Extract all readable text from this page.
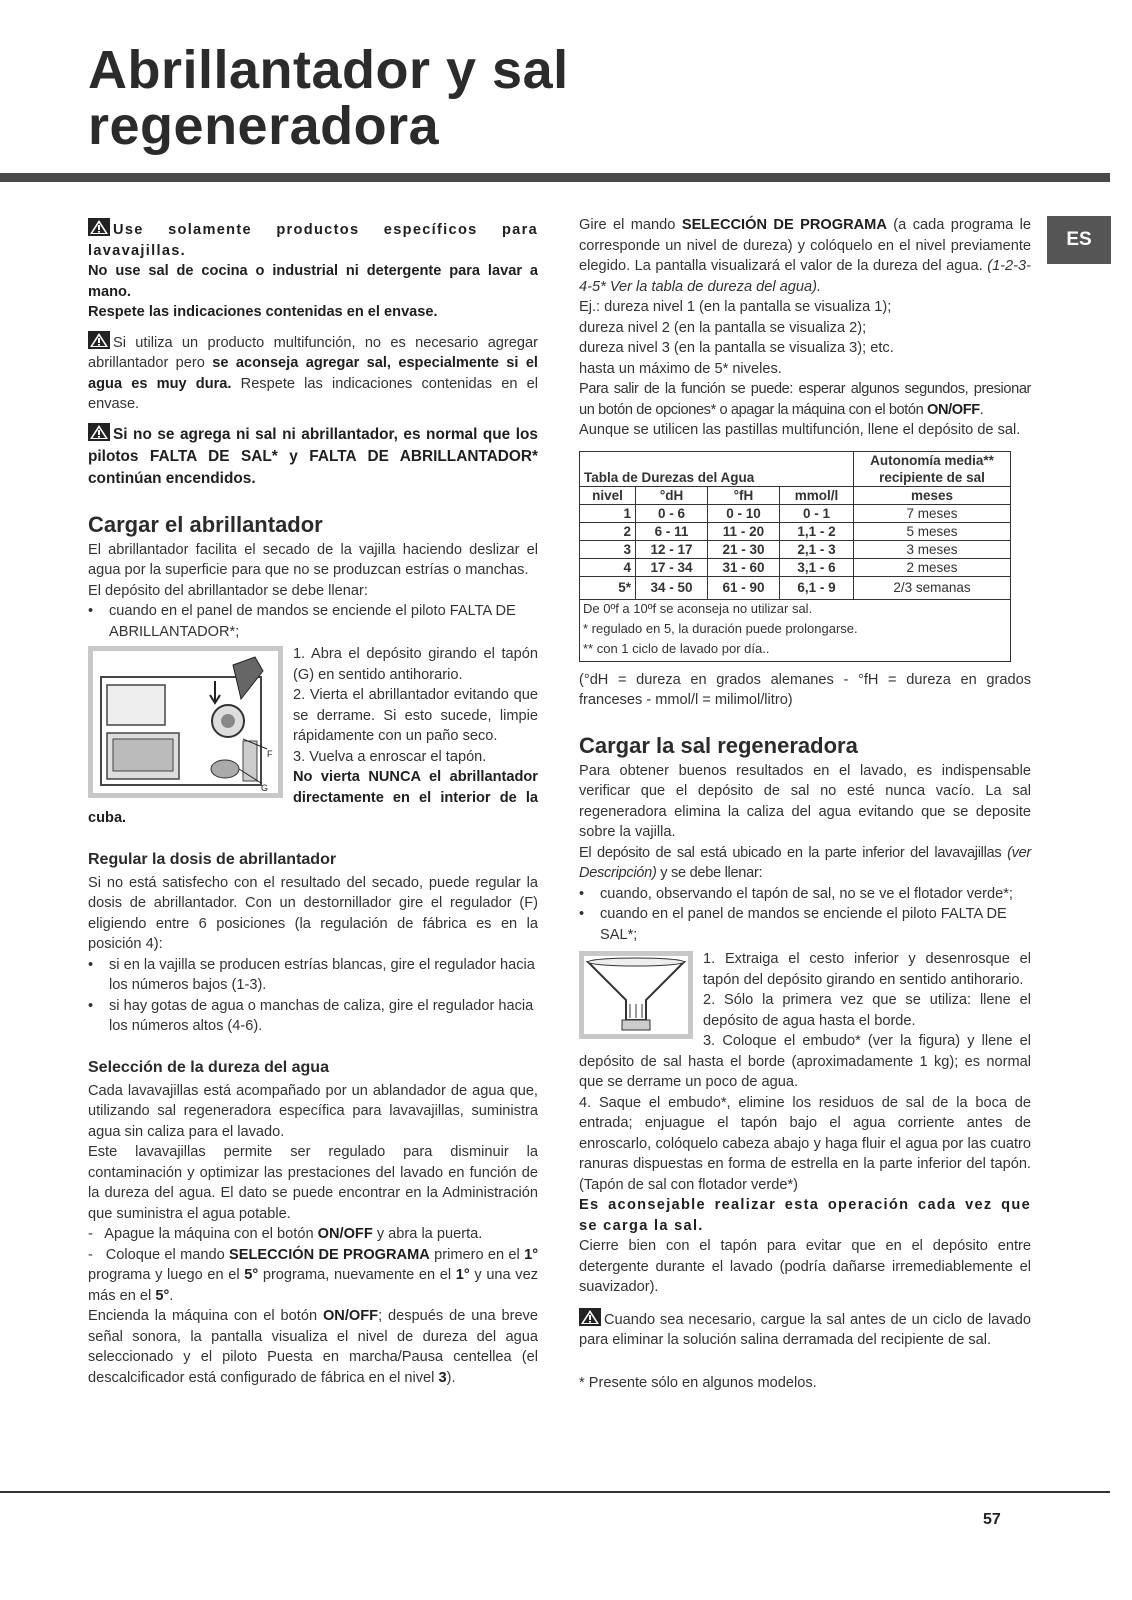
Abrillantador y sal
regeneradora
ES

Use solamente productos específicos para lavavajillas.
No use sal de cocina o industrial ni detergente para lavar a mano.
Respete las indicaciones contenidas en el envase.

Si utiliza un producto multifunción, no es necesario agregar abrillantador pero se aconseja agregar sal, especialmente si el agua es muy dura. Respete las indicaciones contenidas en el envase.

Si no se agrega ni sal ni abrillantador, es normal que los pilotos FALTA DE SAL* y FALTA DE ABRILLANTADOR* continúan encendidos.

Cargar el abrillantador

El abrillantador facilita el secado de la vajilla haciendo deslizar el agua por la superficie para que no se produzcan estrías o manchas.

El depósito del abrillantador se debe llenar:

• cuando en el panel de mandos se enciende el piloto FALTA DE ABRILLANTADOR*;

G
F

1. Abra el depósito girando el tapón (G) en sentido antihorario.

2. Vierta el abrillantador evitando que se derrame. Si esto sucede, limpie rápidamente con un paño seco.

3. Vuelva a enroscar el tapón.

No vierta NUNCA el abrillantador directamente en el interior de la cuba.

Regular la dosis de abrillantador

Si no está satisfecho con el resultado del secado, puede regular la dosis de abrillantador. Con un destornillador gire el regulador (F) eligiendo entre 6 posiciones (la regulación de fábrica es en la posición 4):

• si en la vajilla se producen estrías blancas, gire el regulador hacia los números bajos (1-3).

• si hay gotas de agua o manchas de caliza, gire el regulador hacia los números altos (4-6).

Selección de la dureza del agua

Cada lavavajillas está acompañado por un ablandador de agua que, utilizando sal regeneradora específica para lavavajillas, suministra agua sin caliza para el lavado.

Este lavavajillas permite ser regulado para disminuir la contaminación y optimizar las prestaciones del lavado en función de la dureza del agua. El dato se puede encontrar en la Administración que suministra el agua potable.

-   Apague la máquina con el botón ON/OFF y abra la puerta.

-   Coloque el mando SELECCIÓN DE PROGRAMA primero en el 1° programa y luego en el 5° programa, nuevamente en el 1° y una vez más en el 5°.

Encienda la máquina con el botón ON/OFF; después de una breve señal sonora, la pantalla visualiza el nivel de dureza del agua seleccionado y el piloto Puesta en marcha/Pausa centellea (el descalcificador está configurado de fábrica en el nivel 3).

Gire el mando SELECCIÓN DE PROGRAMA (a cada programa le corresponde un nivel de dureza) y colóquelo en el nivel previamente elegido. La pantalla visualizará el valor de la dureza del agua. (1-2-3-4-5* Ver la tabla de dureza del agua).

Ej.: dureza nivel 1 (en la pantalla se visualiza 1);

dureza nivel 2 (en la pantalla se visualiza 2);

dureza nivel 3 (en la pantalla se visualiza 3); etc.

hasta un máximo de 5* niveles.

Para salir de la función se puede: esperar algunos segundos, presionar un botón de opciones* o apagar la máquina con el botón ON/OFF.

Aunque se utilicen las pastillas multifunción, llene el depósito de sal.

Tabla de Durezas del Agua				Autonomía media** recipiente de sal
nivel	°dH	°fH	mmol/l	meses
1	0 - 6	0 - 10	0 - 1	7 meses
2	6 - 11	11 - 20	1,1 - 2	5 meses
3	12 - 17	21 - 30	2,1 - 3	3 meses
4	17 - 34	31 - 60	3,1 - 6	2 meses
5*	34 - 50	61 - 90	6,1 - 9	2/3 semanas
De 0ºf a 10ºf se aconseja no utilizar sal.
* regulado en 5, la duración puede prolongarse.
** con 1 ciclo de lavado por día..

(°dH = dureza en grados alemanes - °fH = dureza en grados franceses - mmol/l = milimol/litro)

Cargar la sal regeneradora

Para obtener buenos resultados en el lavado, es indispensable verificar que el depósito de sal no esté nunca vacío. La sal regeneradora elimina la caliza del agua evitando que se deposite sobre la vajilla.

El depósito de sal está ubicado en la parte inferior del lavavajillas (ver Descripción) y se debe llenar:

• cuando, observando el tapón de sal, no se ve el flotador verde*;

• cuando en el panel de mandos se enciende el piloto FALTA DE SAL*;

1. Extraiga el cesto inferior y desenrosque el tapón del depósito girando en sentido antihorario.

2. Sólo la primera vez que se utiliza: llene el depósito de agua hasta el borde.

3. Coloque el embudo* (ver la figura) y llene el depósito de sal hasta el borde (aproximadamente 1 kg); es normal que se derrame un poco de agua.

4. Saque el embudo*, elimine los residuos de sal de la boca de entrada; enjuague el tapón bajo el agua corriente antes de enroscarlo, colóquelo cabeza abajo y haga fluir el agua por las cuatro ranuras dispuestas en forma de estrella en la parte inferior del tapón. (Tapón de sal con flotador verde*)

Es aconsejable realizar esta operación cada vez que se carga la sal.

Cierre bien con el tapón para evitar que en el depósito entre detergente durante el lavado (podría dañarse irremediablemente el suavizador).

Cuando sea necesario, cargue la sal antes de un ciclo de lavado para eliminar la solución salina derramada del recipiente de sal.

* Presente sólo en algunos modelos.

57
